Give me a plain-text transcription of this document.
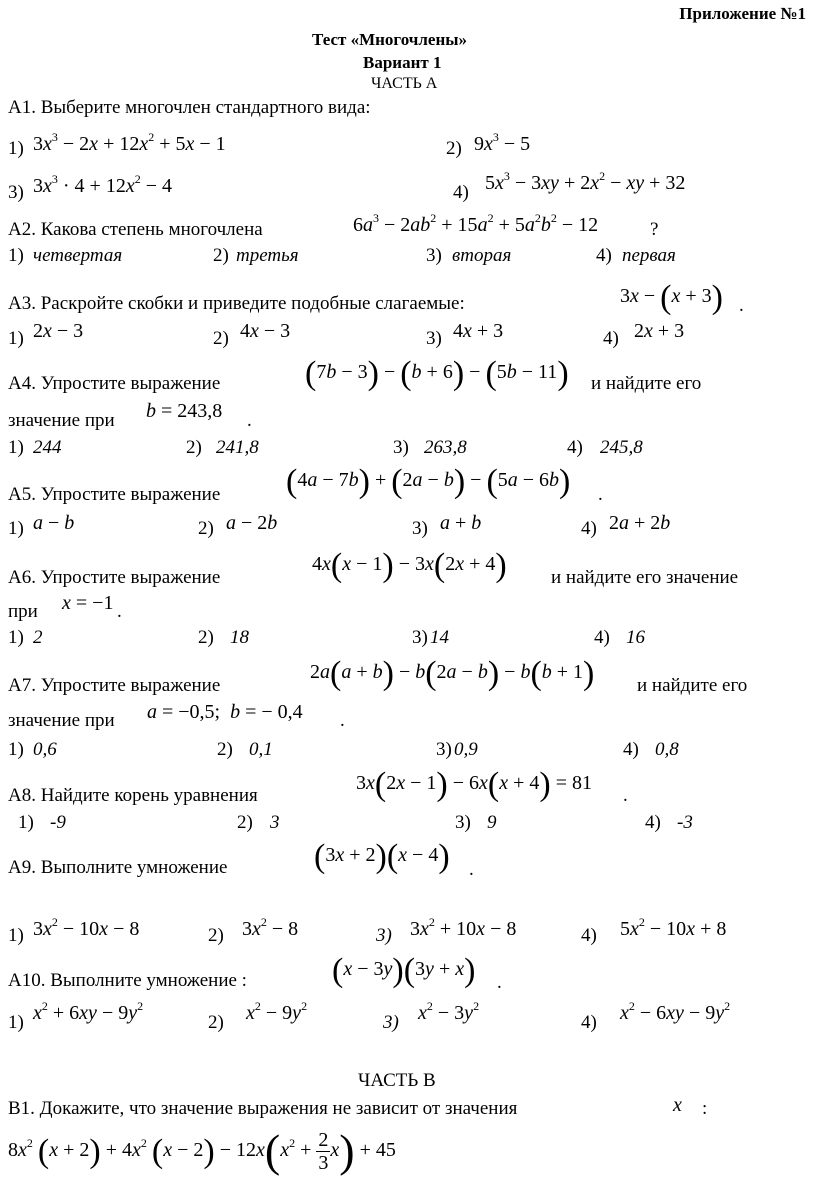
Приложение №1
Тест «Многочлены»
Вариант 1
ЧАСТЬ А
А1. Выберите многочлен стандартного вида:
1) $3x^3 - 2x + 12x^2 + 5x - 1$	2) $9x^3 - 5$
3) $3x^3 \cdot 4 + 12x^2 - 4$	4) $5x^3 - 3xy + 2x^2$ − xy + 32
А2. Какова степень многочлена	$6a^3 - 2ab^2 + 15a^2 + 5a^2b^2 - 12$	?
1) четвертая	2) третья	3) вторая	4) первая
А3. Раскройте скобки и приведите подобные слагаемые:	3x − (x + 3) .
1) 2x − 3	2) 4x − 3	3) 4x + 3	4) 2x + 3
А4. Упростите выражение (7b − 3) − (b + 6) − (5b − 11) и найдите его
значение при b = 243,8 .
1) 244	2) 241,8	3) 263,8	4) 245,8
А5. Упростите выражение (4a − 7b) + (2a − b) − (5a − 6b) .
1) a − b	2) a − 2b	3) a + b	4) 2a + 2b
А6. Упростите выражение
4x(x − 1) − 3x(2x + 4) и найдите его значение
при x = −1 .
1) 2	2) 18	3) 14	4) 16
А7. Упростите выражение
2a(a + b) − b(2a − b) − b(b + 1) и найдите его
значение при a = −0,5;  b = − 0,4 .
1) 0,6	2) 0,1	3) 0,9	4) 0,8
А8. Найдите корень уравнения
3x(2x − 1) − 6x(x + 4) = 81
.
1) -9	2) 3	3) 9	4) -3
А9. Выполните умножение	(3x + 2)(x − 4) .
1) $3x^2 - 10x - 8$	2) $3x^2 - 8$	3) $3x^2 + 10x - 8$	4) $5x^2 - 10x + 8$
А10. Выполните умножение :	(x − 3y)(3y + x) .
1) $x^2 + 6xy - 9y^2$
2) $x^2 - 9y^2$
3) $x^2 - 3y^2$
4) $x^2 - 6xy - 9y^2$
ЧАСТЬ В
В1. Докажите, что значение выражения не зависит от значения	x :
$8x^2$ $(x + 2) + 4x^2$ $(x - 2) - 12x(x^2 + \frac{2}{3} x) + 45$
